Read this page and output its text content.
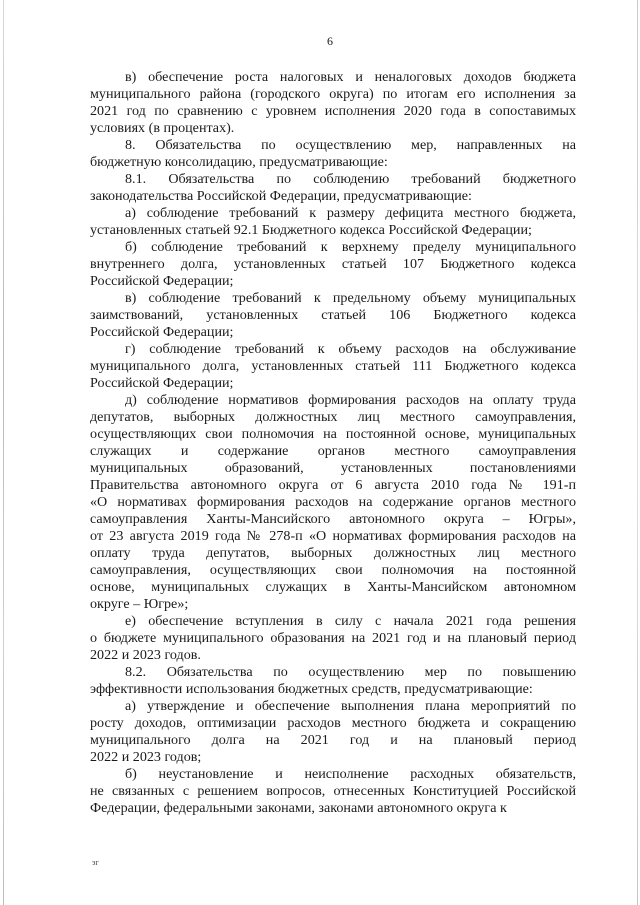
6
в) обеспечение роста налоговых и неналоговых доходов бюджета
муниципального района (городского округа) по итогам его исполнения за
2021 год по сравнению с уровнем исполнения 2020 года в сопоставимых
условиях (в процентах).
8. Обязательства по осуществлению мер, направленных на
бюджетную консолидацию, предусматривающие:
8.1. Обязательства по соблюдению требований бюджетного
законодательства Российской Федерации, предусматривающие:
а) соблюдение требований к размеру дефицита местного бюджета,
установленных статьей 92.1 Бюджетного кодекса Российской Федерации;
б) соблюдение требований к верхнему пределу муниципального
внутреннего долга, установленных статьей 107 Бюджетного кодекса
Российской Федерации;
в) соблюдение требований к предельному объему муниципальных
заимствований, установленных статьей 106 Бюджетного кодекса
Российской Федерации;
г) соблюдение требований к объему расходов на обслуживание
муниципального долга, установленных статьей 111 Бюджетного кодекса
Российской Федерации;
д) соблюдение нормативов формирования расходов на оплату труда
депутатов, выборных должностных лиц местного самоуправления,
осуществляющих свои полномочия на постоянной основе, муниципальных
служащих и содержание органов местного самоуправления
муниципальных образований, установленных постановлениями
Правительства автономного округа от 6 августа 2010 года № 191-п
«О нормативах формирования расходов на содержание органов местного
самоуправления Ханты-Мансийского автономного округа – Югры»,
от 23 августа 2019 года № 278-п «О нормативах формирования расходов на
оплату труда депутатов, выборных должностных лиц местного
самоуправления, осуществляющих свои полномочия на постоянной
основе, муниципальных служащих в Ханты-Мансийском автономном
округе – Югре»;
е) обеспечение вступления в силу с начала 2021 года решения
о бюджете муниципального образования на 2021 год и на плановый период
2022 и 2023 годов.
8.2. Обязательства по осуществлению мер по повышению
эффективности использования бюджетных средств, предусматривающие:
а) утверждение и обеспечение выполнения плана мероприятий по
росту доходов, оптимизации расходов местного бюджета и сокращению
муниципального долга на 2021 год и на плановый период
2022 и 2023 годов;
б) неустановление и неисполнение расходных обязательств,
не связанных с решением вопросов, отнесенных Конституцией Российской
Федерации, федеральными законами, законами автономного округа к
эг
